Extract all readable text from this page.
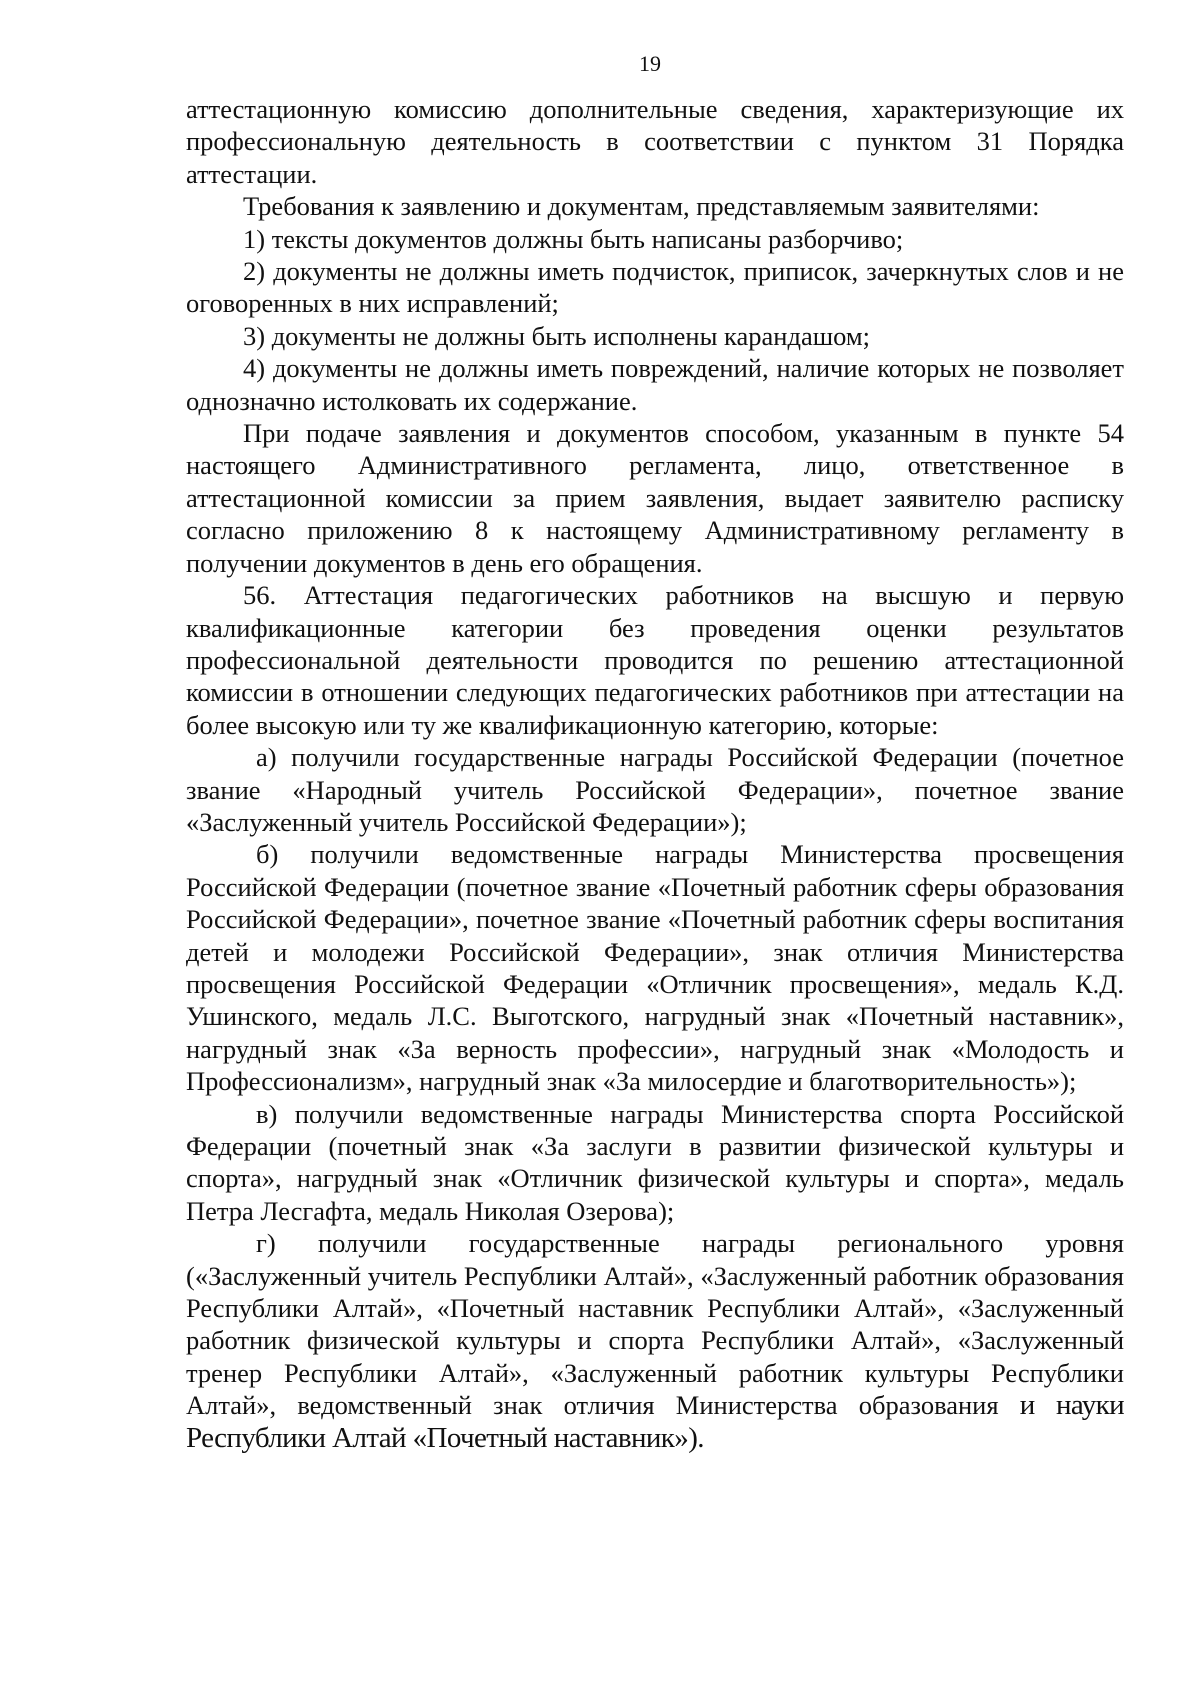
19

аттестационную комиссию дополнительные сведения, характеризующие их профессиональную деятельность в соответствии с пунктом 31 Порядка аттестации.

Требования к заявлению и документам, представляемым заявителями:

1) тексты документов должны быть написаны разборчиво;

2) документы не должны иметь подчисток, приписок, зачеркнутых слов и не оговоренных в них исправлений;

3) документы не должны быть исполнены карандашом;

4) документы не должны иметь повреждений, наличие которых не позволяет однозначно истолковать их содержание.

При подаче заявления и документов способом, указанным в пункте 54 настоящего Административного регламента, лицо, ответственное в аттестационной комиссии за прием заявления, выдает заявителю расписку согласно приложению 8 к настоящему Административному регламенту в получении документов в день его обращения.

56. Аттестация педагогических работников на высшую и первую квалификационные категории без проведения оценки результатов профессиональной деятельности проводится по решению аттестационной комиссии в отношении следующих педагогических работников при аттестации на более высокую или ту же квалификационную категорию, которые:

а) получили государственные награды Российской Федерации (почетное звание «Народный учитель Российской Федерации», почетное звание «Заслуженный учитель Российской Федерации»);

б) получили ведомственные награды Министерства просвещения Российской Федерации (почетное звание «Почетный работник сферы образования Российской Федерации», почетное звание «Почетный работник сферы воспитания детей и молодежи Российской Федерации», знак отличия Министерства просвещения Российской Федерации «Отличник просвещения», медаль К.Д. Ушинского, медаль Л.С. Выготского, нагрудный знак «Почетный наставник», нагрудный знак «За верность профессии», нагрудный знак «Молодость и Профессионализм», нагрудный знак «За милосердие и благотворительность»);

в) получили ведомственные награды Министерства спорта Российской Федерации (почетный знак «За заслуги в развитии физической культуры и спорта», нагрудный знак «Отличник физической культуры и спорта», медаль Петра Лесгафта, медаль Николая Озерова);

г) получили государственные награды регионального уровня («Заслуженный учитель Республики Алтай», «Заслуженный работник образования Республики Алтай», «Почетный наставник Республики Алтай», «Заслуженный работник физической культуры и спорта Республики Алтай», «Заслуженный тренер Республики Алтай», «Заслуженный работник культуры Республики Алтай», ведомственный знак отличия Министерства образования и науки Республики Алтай «Почетный наставник»).
